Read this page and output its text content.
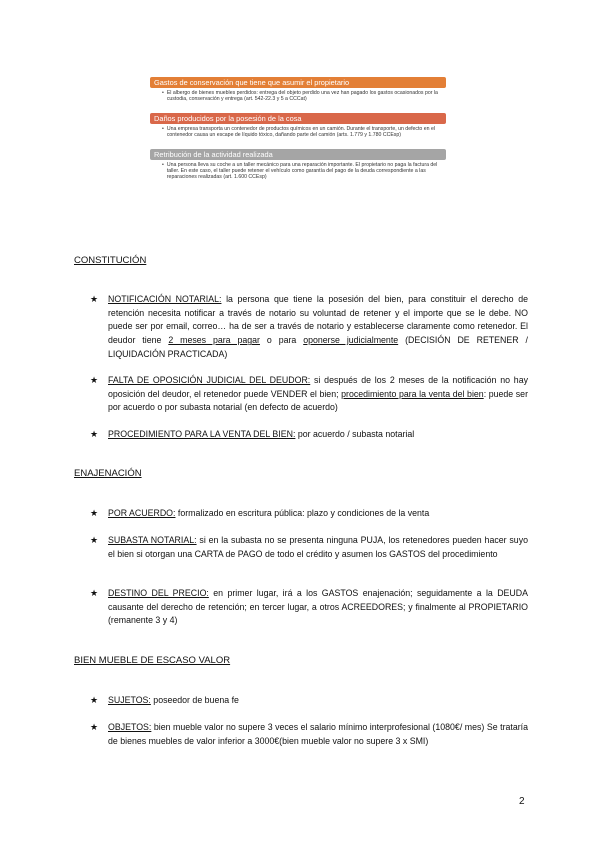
Gastos de conservación que tiene que asumir el propietario
• El albergo de bienes muebles perdidos: entrega del objeto perdido una vez han pagado los gastos ocasionados por la custodia, conservación y entrega (art. 542-22.3 y 5 a CCCat)
Daños producidos por la posesión de la cosa
• Una empresa transporta un contenedor de productos químicos en un camión. Durante el transporte, un defecto en el contenedor causa un escape de líquido tóxico, dañando parte del camión (arts. 1.779 y 1.780 CCEsp)
Retribución de la actividad realizada
• Una persona lleva su coche a un taller mecánico para una reparación importante. El propietario no paga la factura del taller. En este caso, el taller puede retener el vehículo como garantía del pago de la deuda correspondiente a las reparaciones realizadas (art. 1.600 CCEsp)
CONSTITUCIÓN
★	NOTIFICACIÓN NOTARIAL: la persona que tiene la posesión del bien, para constituir el derecho de retención necesita notificar a través de notario su voluntad de retener y el importe que se le debe. NO puede ser por email, correo… ha de ser a través de notario y establecerse claramente como retenedor. El deudor tiene 2 meses para pagar o para oponerse judicialmente (DECISIÓN DE RETENER / LIQUIDACIÓN PRACTICADA)
★	FALTA DE OPOSICIÓN JUDICIAL DEL DEUDOR: si después de los 2 meses de la notificación no hay oposición del deudor, el retenedor puede VENDER el bien; procedimiento para la venta del bien: puede ser por acuerdo o por subasta notarial (en defecto de acuerdo)
★	PROCEDIMIENTO PARA LA VENTA DEL BIEN: por acuerdo / subasta notarial
ENAJENACIÓN
★	POR ACUERDO: formalizado en escritura pública: plazo y condiciones de la venta
★	SUBASTA NOTARIAL: si en la subasta no se presenta ninguna PUJA, los retenedores pueden hacer suyo el bien si otorgan una CARTA de PAGO de todo el crédito y asumen los GASTOS del procedimiento
★	DESTINO DEL PRECIO: en primer lugar, irá a los GASTOS enajenación; seguidamente a la DEUDA causante del derecho de retención; en tercer lugar, a otros ACREEDORES; y finalmente al PROPIETARIO (remanente 3 y 4)
BIEN MUEBLE DE ESCASO VALOR
★	SUJETOS: poseedor de buena fe
★	OBJETOS: bien mueble valor no supere 3 veces el salario mínimo interprofesional (1080€/ mes) Se trataría de bienes muebles de valor inferior a 3000€(bien mueble valor no supere 3 x SMI)
2
